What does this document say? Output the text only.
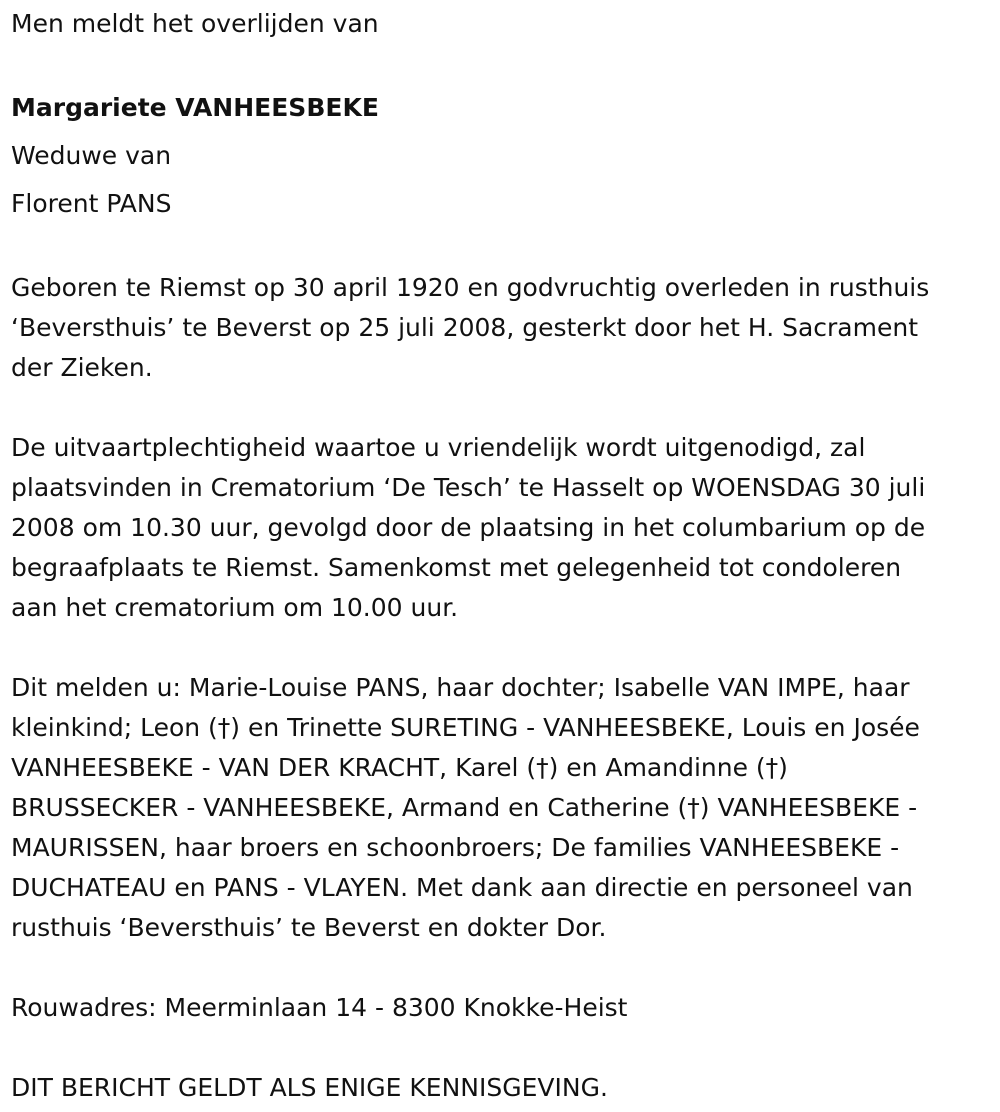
Men meldt het overlijden van

Margariete VANHEESBEKE

Weduwe van

Florent PANS

Geboren te Riemst op 30 april 1920 en godvruchtig overleden in rusthuis

‘Beversthuis’ te Beverst op 25 juli 2008, gesterkt door het H. Sacrament

der Zieken.

De uitvaartplechtigheid waartoe u vriendelijk wordt uitgenodigd, zal

plaatsvinden in Crematorium ‘De Tesch’ te Hasselt op WOENSDAG 30 juli

2008 om 10.30 uur, gevolgd door de plaatsing in het columbarium op de

begraafplaats te Riemst. Samenkomst met gelegenheid tot condoleren

aan het crematorium om 10.00 uur.

Dit melden u: Marie-Louise PANS, haar dochter; Isabelle VAN IMPE, haar

kleinkind; Leon (†) en Trinette SURETING - VANHEESBEKE, Louis en Josée

VANHEESBEKE - VAN DER KRACHT, Karel (†) en Amandinne (†)

BRUSSECKER - VANHEESBEKE, Armand en Catherine (†) VANHEESBEKE -

MAURISSEN, haar broers en schoonbroers; De families VANHEESBEKE -

DUCHATEAU en PANS - VLAYEN. Met dank aan directie en personeel van

rusthuis ‘Beversthuis’ te Beverst en dokter Dor.

Rouwadres: Meerminlaan 14 - 8300 Knokke-Heist

DIT BERICHT GELDT ALS ENIGE KENNISGEVING.
